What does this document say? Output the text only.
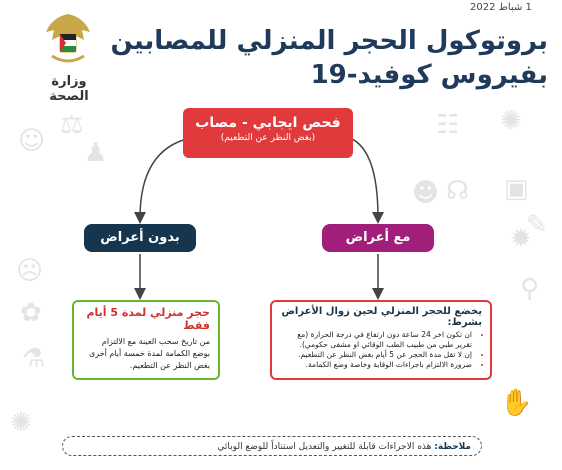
☺
⚖
♟
☹
✿
⚗
✺
☷ ✺
▣
✹
✎
⚲
✋
☻ ☊
1 شباط 2022
وزارة الصحة
بروتوكول الحجر المنزلي للمصابين
بفيروس كوفيد-19
فحص ايجابي - مصاب
(بغض النظر عن التطعيم)
بدون أعراض	مع أعراض
حجر منزلي لمدة 5 أيام فقط
من تاريخ سحب العينة مع الالتزام بوضع الكمامة لمدة خمسة أيام أخرى بغض النظر عن التطعيم.
يخضع للحجر المنزلي لحين زوال الأعراض بشرط:
• ان تكون اخر 24 ساعة دون ارتفاع في درجة الحرارة (مع تقرير طبي من طبيب الطب الوقائي او مشفى حكومي).
• إن لا تقل مدة الحجر عن 5 أيام بغض النظر عن التطعيم.
• ضرورة الالتزام باجراءات الوقاية وخاصة وضع الكمامة.
ملاحظة: هذه الاجراءات قابلة للتغيير والتعديل استناداً للوضع الوبائي
